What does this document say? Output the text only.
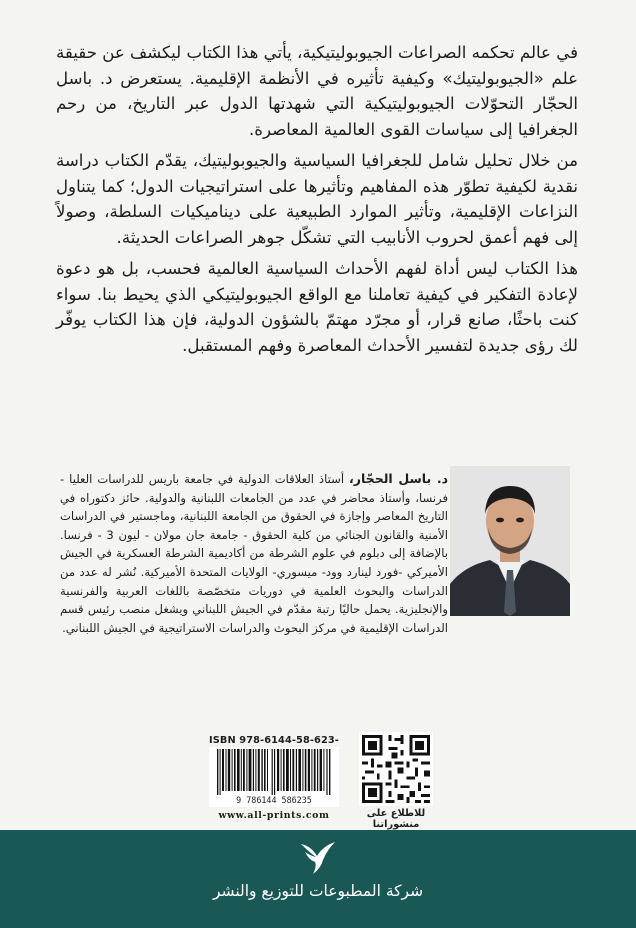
في عالم تحكمه الصراعات الجيوبوليتيكية، يأتي هذا الكتاب ليكشف عن حقيقة علم «الجيوبوليتيك» وكيفية تأثيره في الأنظمة الإقليمية. يستعرض د. باسل الحجّار التحوّلات الجيوبوليتيكية التي شهدتها الدول عبر التاريخ، من رحم الجغرافيا إلى سياسات القوى العالمية المعاصرة.

من خلال تحليل شامل للجغرافيا السياسية والجيوبوليتيك، يقدّم الكتاب دراسة نقدية لكيفية تطوّر هذه المفاهيم وتأثيرها على استراتيجيات الدول؛ كما يتناول النزاعات الإقليمية، وتأثير الموارد الطبيعية على ديناميكيات السلطة، وصولاً إلى فهم أعمق لحروب الأنابيب التي تشكّل جوهر الصراعات الحديثة.

هذا الكتاب ليس أداة لفهم الأحداث السياسية العالمية فحسب، بل هو دعوة لإعادة التفكير في كيفية تعاملنا مع الواقع الجيوبوليتيكي الذي يحيط بنا. سواء كنت باحثًا، صانع قرار، أو مجرّد مهتمّ بالشؤون الدولية، فإن هذا الكتاب يوفّر لك رؤى جديدة لتفسير الأحداث المعاصرة وفهم المستقبل.

د. باسل الحجّار، أستاذ العلاقات الدولية في جامعة باريس للدراسات العليا - فرنسا، وأستاذ محاضر في عدد من الجامعات اللبنانية والدولية. حائز دكتوراه في التاريخ المعاصر وإجازة في الحقوق من الجامعة اللبنانية، وماجستير في الدراسات الأمنية والقانون الجنائي من كلية الحقوق - جامعة جان مولان - ليون 3 - فرنسا. بالإضافة إلى دبلوم في علوم الشرطة من أكاديمية الشرطة العسكرية في الجيش الأميركي -فورد لينارد وود- ميسوري- الولايات المتحدة الأميركية. نُشر له عدد من الدراسات والبحوث العلمية في دوريات متخصّصة باللغات العربية والفرنسية والإنجليزية. يحمل حاليًا رتبة مقدّم في الجيش اللبناني ويشغل منصب رئيس قسم الدراسات الإقليمية في مركز البحوث والدراسات الاستراتيجية في الجيش اللبناني.
ISBN 978-6144-58-623-
9 786144 586235
www.all-prints.com	للاطلاع على منشوراتنا
شركة المطبوعات للتوزيع والنشر
